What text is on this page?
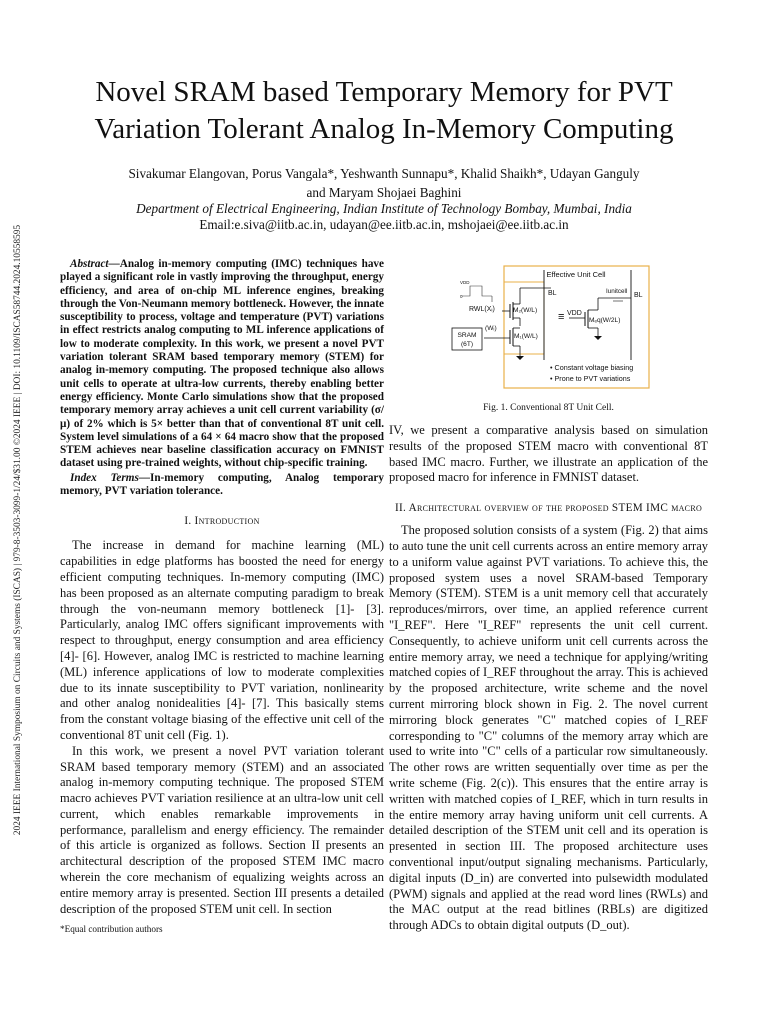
2024 IEEE International Symposium on Circuits and Systems (ISCAS) | 979-8-3503-3099-1/24/$31.00 ©2024 IEEE | DOI: 10.1109/ISCAS58744.2024.10558595
Novel SRAM based Temporary Memory for PVT Variation Tolerant Analog In-Memory Computing
Sivakumar Elangovan, Porus Vangala*, Yeshwanth Sunnapu*, Khalid Shaikh*, Udayan Ganguly
and Maryam Shojaei Baghini
Department of Electrical Engineering, Indian Institute of Technology Bombay, Mumbai, India
Email:e.siva@iitb.ac.in, udayan@ee.iitb.ac.in, mshojaei@ee.iitb.ac.in

Abstract—Analog in-memory computing (IMC) techniques have played a significant role in vastly improving the throughput, energy efficiency, and area of on-chip ML inference engines, breaking through the Von-Neumann memory bottleneck. However, the innate susceptibility to process, voltage and temperature (PVT) variations in effect restricts analog computing to ML inference applications of low to moderate complexity. In this work, we present a novel PVT variation tolerant SRAM based temporary memory (STEM) for analog in-memory computing. The proposed technique also allows unit cells to operate at ultra-low currents, thereby enabling better energy efficiency. Monte Carlo simulations show that the proposed temporary memory array achieves a unit cell current variability (σ/μ) of 2% which is 5× better than that of conventional 8T unit cell. System level simulations of a 64 × 64 macro show that the proposed STEM achieves near baseline classification accuracy on FMNIST dataset using pre-trained weights, without chip-specific training.

Index Terms—In-memory computing, Analog temporary memory, PVT variation tolerance.

I. Introduction

The increase in demand for machine learning (ML) capabilities in edge platforms has boosted the need for energy efficient computing techniques. In-memory computing (IMC) has been proposed as an alternate computing paradigm to break through the von-neumann memory bottleneck [1]- [3]. Particularly, analog IMC offers significant improvements with respect to throughput, energy consumption and area efficiency [4]- [6]. However, analog IMC is restricted to machine learning (ML) inference applications of low to moderate complexities due to its innate susceptibility to PVT variation, nonlinearity and other analog nonidealities [4]- [7]. This basically stems from the constant voltage biasing of the effective unit cell of the conventional 8T unit cell (Fig. 1).

In this work, we present a novel PVT variation tolerant SRAM based temporary memory (STEM) and an associated analog in-memory computing technique. The proposed STEM macro achieves PVT variation resilience at an ultra-low unit cell current, which enables remarkable improvements in performance, parallelism and energy efficiency. The remainder of this article is organized as follows. Section II presents an architectural description of the proposed STEM IMC macro wherein the core mechanism of equalizing weights across an entire memory array is presented. Section III presents a detailed description of the proposed STEM unit cell. In section

*Equal contribution authors
Effective Unit Cell
VDD
0
RWL(Xᵢ)	M₂(W/L)
M₁(W/L)
(Wᵢ)
SRAM
(6T)
BL
≡ VDD
Mₑq(W/2L)
Iunitcell
BL
• Constant voltage biasing
• Prone to PVT variations
Fig. 1. Conventional 8T Unit Cell.

IV, we present a comparative analysis based on simulation results of the proposed STEM macro with conventional 8T based IMC macro. Further, we illustrate an application of the proposed macro for inference in FMNIST dataset.

II. Architectural overview of the proposed STEM IMC macro

The proposed solution consists of a system (Fig. 2) that aims to auto tune the unit cell currents across an entire memory array to a uniform value against PVT variations. To achieve this, the proposed system uses a novel SRAM-based Temporary Memory (STEM). STEM is a unit memory cell that accurately reproduces/mirrors, over time, an applied reference current "I_REF". Here "I_REF" represents the unit cell current. Consequently, to achieve uniform unit cell currents across the entire memory array, we need a technique for applying/writing matched copies of I_REF throughout the array. This is achieved by the proposed architecture, write scheme and the novel current mirroring block shown in Fig. 2. The novel current mirroring block generates "C" matched copies of I_REF corresponding to "C" columns of the memory array which are used to write into "C" cells of a particular row simultaneously. The other rows are written sequentially over time as per the write scheme (Fig. 2(c)). This ensures that the entire array is written with matched copies of I_REF, which in turn results in the entire memory array having uniform unit cell currents. A detailed description of the STEM unit cell and its operation is presented in section III. The proposed architecture uses conventional input/output signaling mechanisms. Particularly, digital inputs (D_in) are converted into pulsewidth modulated (PWM) signals and applied at the read word lines (RWLs) and the MAC output at the read bitlines (RBLs) are digitized through ADCs to obtain digital outputs (D_out).
